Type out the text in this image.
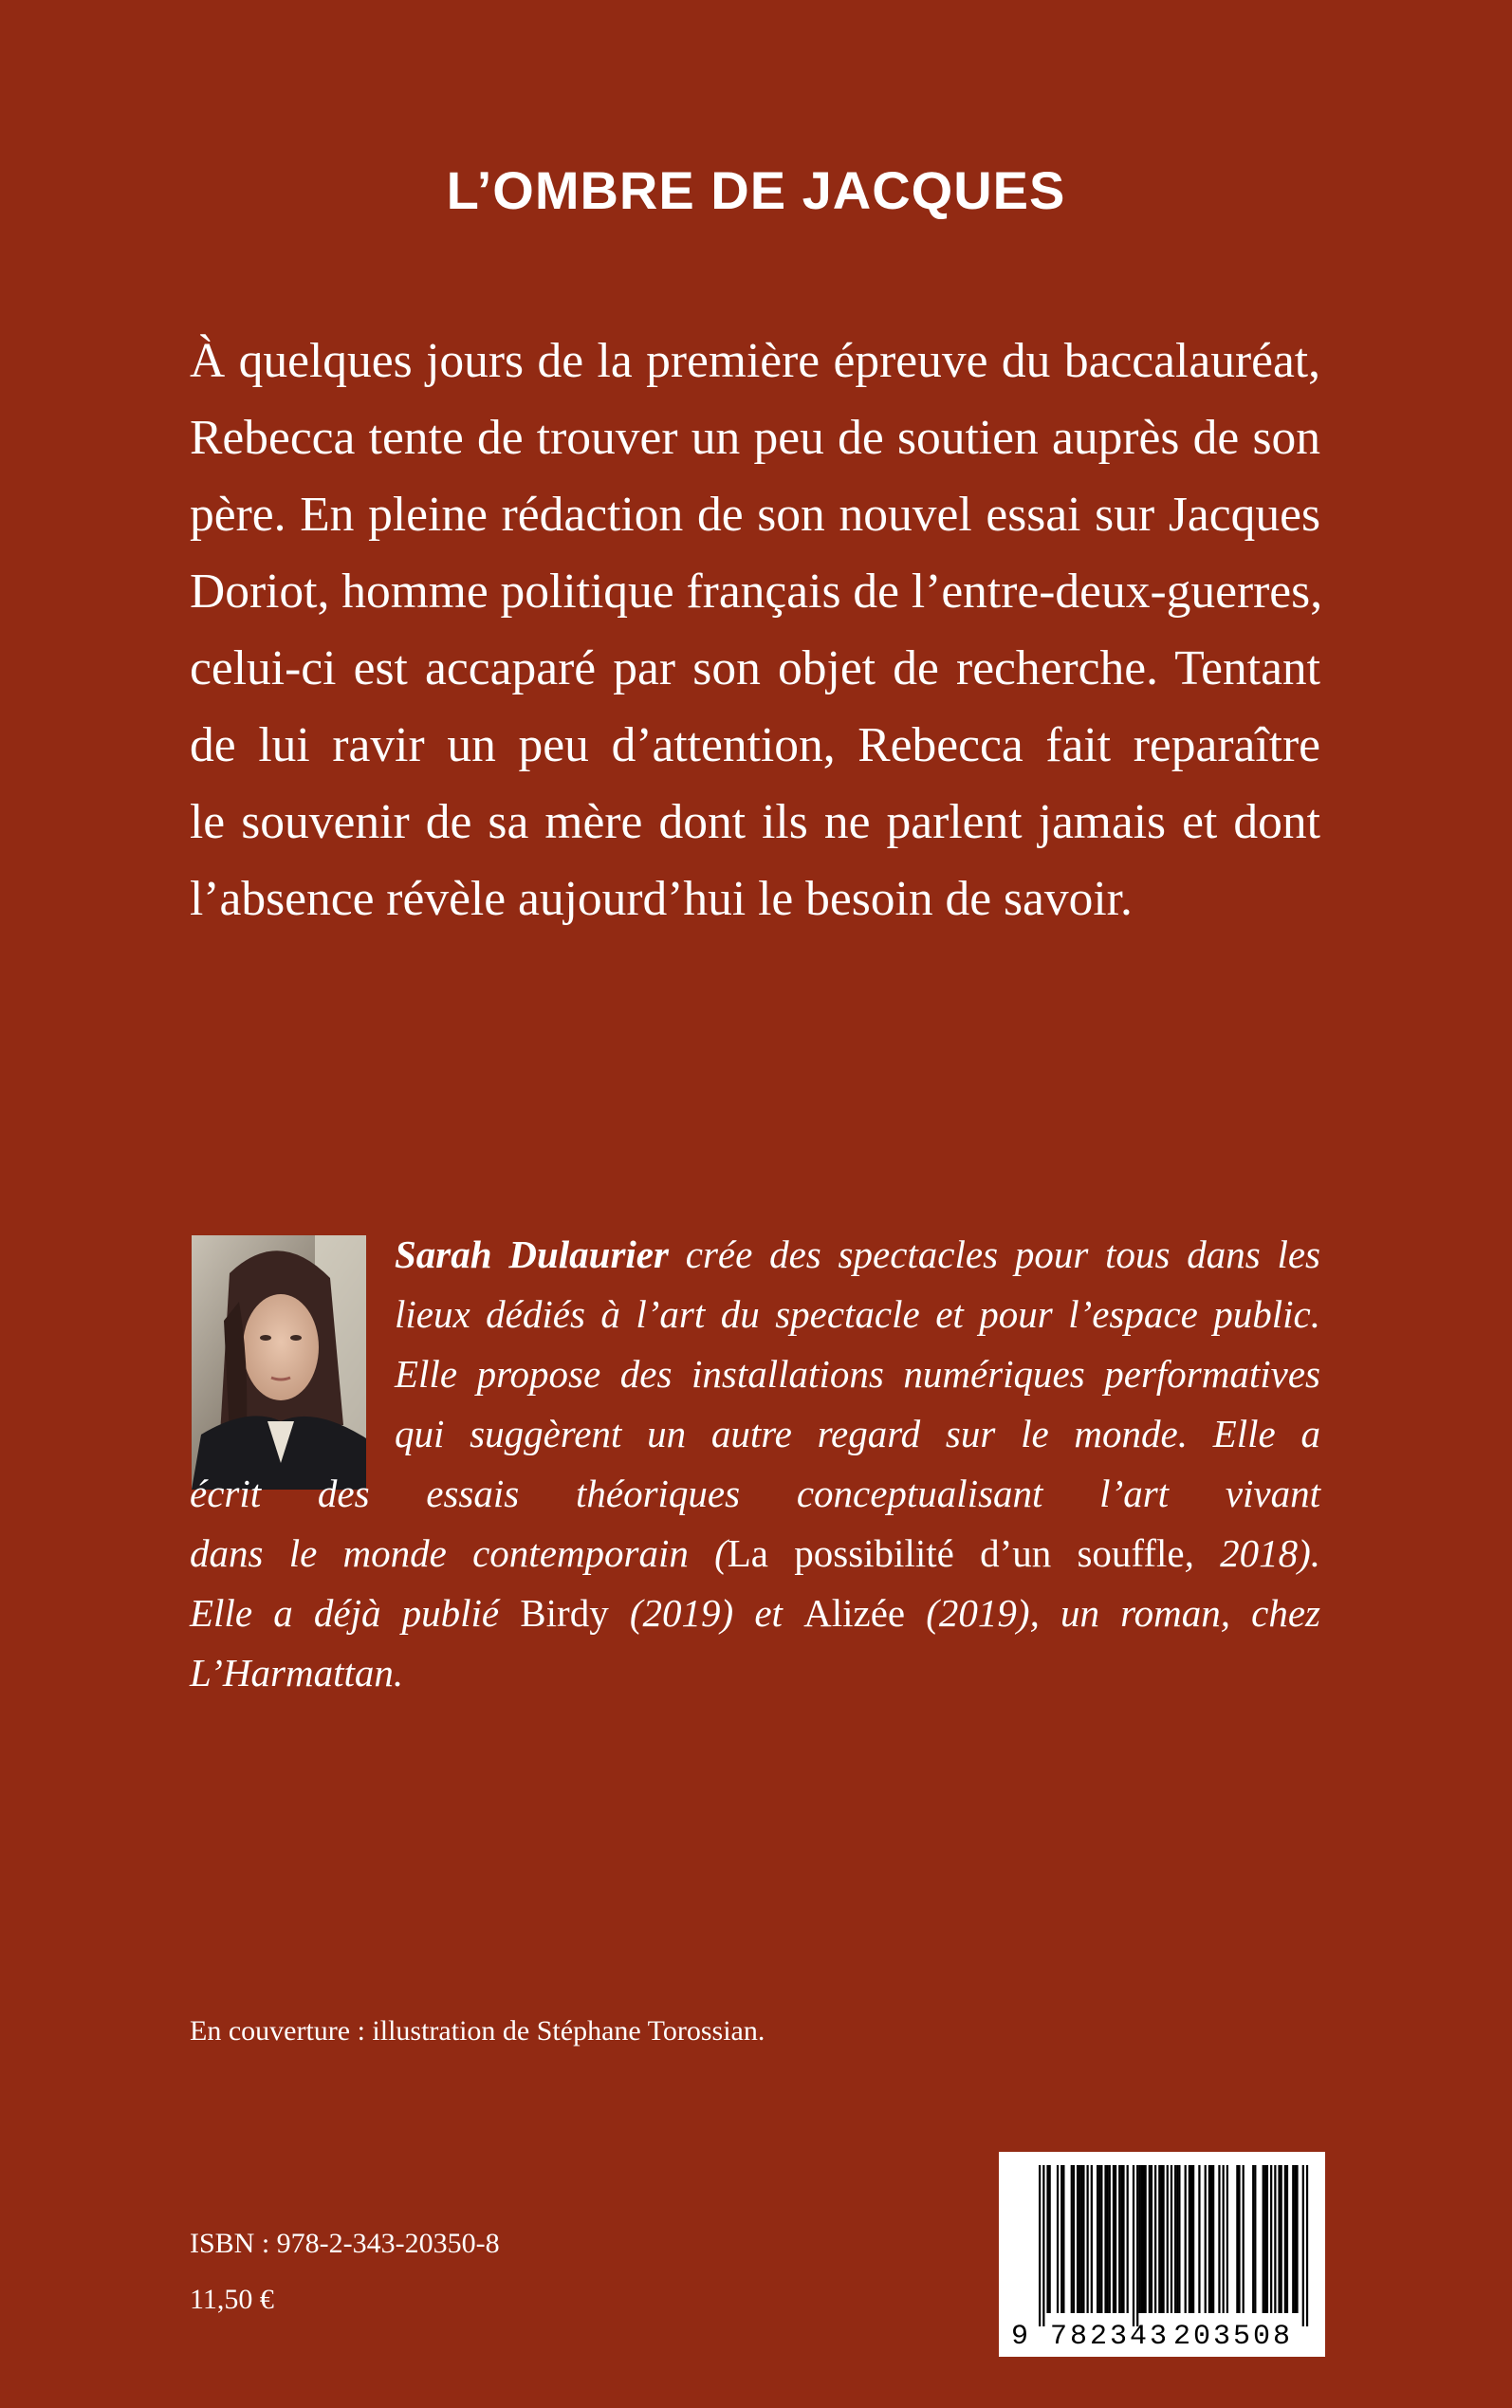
L’OMBRE DE JACQUES
À quelques jours de la première épreuve du baccalauréat,
Rebecca tente de trouver un peu de soutien auprès de son
père. En pleine rédaction de son nouvel essai sur Jacques
Doriot, homme politique français de l’entre-deux-guerres,
celui-ci est accaparé par son objet de recherche. Tentant
de lui ravir un peu d’attention, Rebecca fait reparaître
le souvenir de sa mère dont ils ne parlent jamais et dont
l’absence révèle aujourd’hui le besoin de savoir.
Sarah Dulaurier crée des spectacles pour tous dans les
lieux dédiés à l’art du spectacle et pour l’espace public.
Elle propose des installations numériques performatives
qui suggèrent un autre regard sur le monde. Elle a
écrit des essais théoriques conceptualisant l’art vivant
dans le monde contemporain (La possibilité d’un souffle, 2018).
Elle a déjà publié Birdy (2019) et Alizée (2019), un roman, chez
L’Harmattan.

En couverture : illustration de Stéphane Torossian.

ISBN : 978-2-343-20350-8

11,50 €

9 782343 203508
